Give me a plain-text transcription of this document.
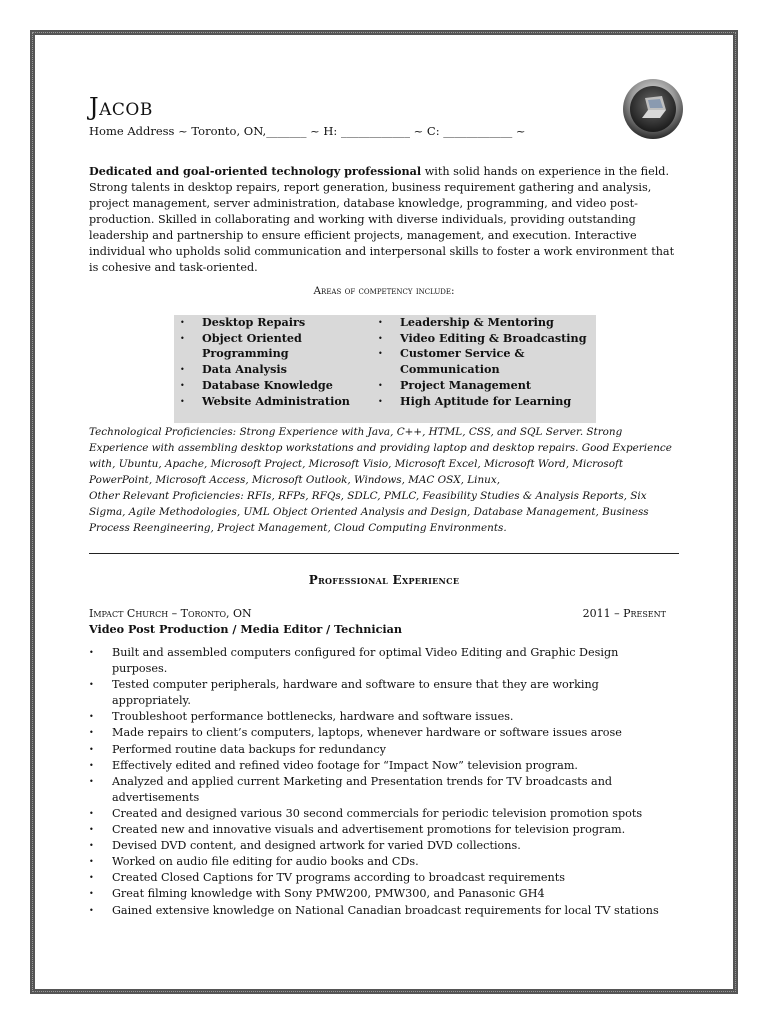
Jacob
Home Address ~ Toronto, ON,_______ ~ H: ____________ ~ C: ____________ ~
Dedicated and goal-oriented technology professional with solid hands on experience in the field. Strong talents in desktop repairs, report generation, business requirement gathering and analysis, project management, server administration, database knowledge, programming, and video post-production. Skilled in collaborating and working with diverse individuals, providing outstanding leadership and partnership to ensure efficient projects, management, and execution. Interactive individual who upholds solid communication and interpersonal skills to foster a work environment that is cohesive and task-oriented.
Areas of competency include:
• Desktop Repairs
• Object Oriented Programming
• Data Analysis
• Database Knowledge
• Website Administration
• Leadership & Mentoring
• Video Editing & Broadcasting
• Customer Service & Communication
• Project Management
• High Aptitude for Learning

Technological Proficiencies: Strong Experience with Java, C++, HTML, CSS, and SQL Server. Strong Experience with assembling desktop workstations and providing laptop and desktop repairs. Good Experience with, Ubuntu, Apache, Microsoft Project, Microsoft Visio, Microsoft Excel, Microsoft Word, Microsoft PowerPoint, Microsoft Access, Microsoft Outlook, Windows, MAC OSX, Linux,

Other Relevant Proficiencies: RFIs, RFPs, RFQs, SDLC, PMLC, Feasibility Studies & Analysis Reports, Six Sigma, Agile Methodologies, UML Object Oriented Analysis and Design, Database Management, Business Process Reengineering, Project Management, Cloud Computing Environments.

Professional Experience
Impact Church – Toronto, ON	2011 – Present
Video Post Production / Media Editor / Technician
• Built and assembled computers configured for optimal Video Editing and Graphic Design purposes.
• Tested computer peripherals, hardware and software to ensure that they are working appropriately.
• Troubleshoot performance bottlenecks, hardware and software issues.
• Made repairs to client’s computers, laptops, whenever hardware or software issues arose
• Performed routine data backups for redundancy
• Effectively edited and refined video footage for “Impact Now” television program.
• Analyzed and applied current Marketing and Presentation trends for TV broadcasts and advertisements
• Created and designed various 30 second commercials for periodic television promotion spots
• Created new and innovative visuals and advertisement promotions for television program.
• Devised DVD content, and designed artwork for varied DVD collections.
• Worked on audio file editing for audio books and CDs.
• Created Closed Captions for TV programs according to broadcast requirements
• Great filming knowledge with Sony PMW200, PMW300, and Panasonic GH4
• Gained extensive knowledge on National Canadian broadcast requirements for local TV stations
